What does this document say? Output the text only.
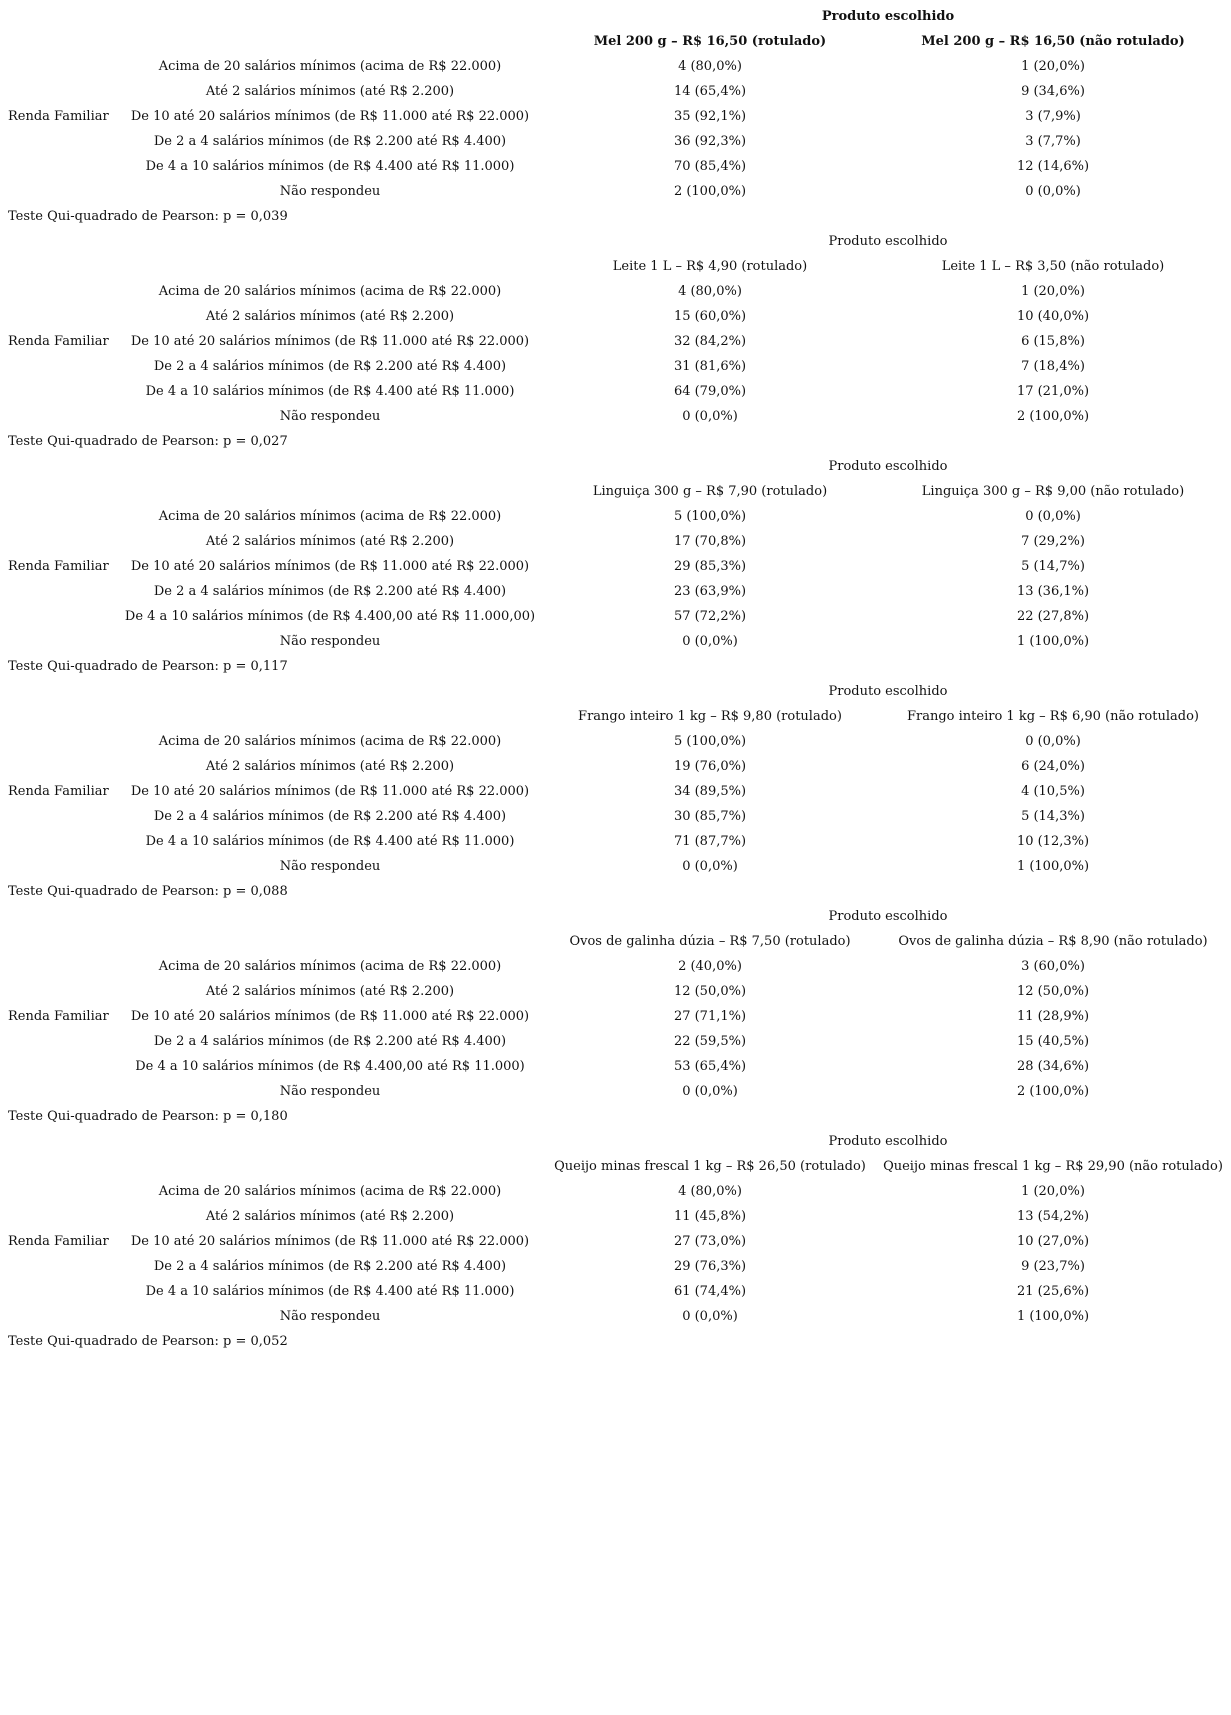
Produto escolhido
Mel 200 g – R$ 16,50 (rotulado)	Mel 200 g – R$ 16,50 (não rotulado)
Acima de 20 salários mínimos (acima de R$ 22.000)	4 (80,0%)	1 (20,0%)
Até 2 salários mínimos (até R$ 2.200)	14 (65,4%)	9 (34,6%)
Renda Familiar	De 10 até 20 salários mínimos (de R$ 11.000 até R$ 22.000)	35 (92,1%)	3 (7,9%)
De 2 a 4 salários mínimos (de R$ 2.200 até R$ 4.400)	36 (92,3%)	3 (7,7%)
De 4 a 10 salários mínimos (de R$ 4.400 até R$ 11.000)	70 (85,4%)	12 (14,6%)
Não respondeu	2 (100,0%)	0 (0,0%)
Teste Qui-quadrado de Pearson: p = 0,039
Produto escolhido
Leite 1 L – R$ 4,90 (rotulado)	Leite 1 L – R$ 3,50 (não rotulado)
Acima de 20 salários mínimos (acima de R$ 22.000)	4 (80,0%)	1 (20,0%)
Até 2 salários mínimos (até R$ 2.200)	15 (60,0%)	10 (40,0%)
Renda Familiar	De 10 até 20 salários mínimos (de R$ 11.000 até R$ 22.000)	32 (84,2%)	6 (15,8%)
De 2 a 4 salários mínimos (de R$ 2.200 até R$ 4.400)	31 (81,6%)	7 (18,4%)
De 4 a 10 salários mínimos (de R$ 4.400 até R$ 11.000)	64 (79,0%)	17 (21,0%)
Não respondeu	0 (0,0%)	2 (100,0%)
Teste Qui-quadrado de Pearson: p = 0,027
Produto escolhido
Linguiça 300 g – R$ 7,90 (rotulado)	Linguiça 300 g – R$ 9,00 (não rotulado)
Acima de 20 salários mínimos (acima de R$ 22.000)	5 (100,0%)	0 (0,0%)
Até 2 salários mínimos (até R$ 2.200)	17 (70,8%)	7 (29,2%)
Renda Familiar	De 10 até 20 salários mínimos (de R$ 11.000 até R$ 22.000)	29 (85,3%)	5 (14,7%)
De 2 a 4 salários mínimos (de R$ 2.200 até R$ 4.400)	23 (63,9%)	13 (36,1%)
De 4 a 10 salários mínimos (de R$ 4.400,00 até R$ 11.000,00)	57 (72,2%)	22 (27,8%)
Não respondeu	0 (0,0%)	1 (100,0%)
Teste Qui-quadrado de Pearson: p = 0,117
Produto escolhido
Frango inteiro 1 kg – R$ 9,80 (rotulado)	Frango inteiro 1 kg – R$ 6,90 (não rotulado)
Acima de 20 salários mínimos (acima de R$ 22.000)	5 (100,0%)	0 (0,0%)
Até 2 salários mínimos (até R$ 2.200)	19 (76,0%)	6 (24,0%)
Renda Familiar	De 10 até 20 salários mínimos (de R$ 11.000 até R$ 22.000)	34 (89,5%)	4 (10,5%)
De 2 a 4 salários mínimos (de R$ 2.200 até R$ 4.400)	30 (85,7%)	5 (14,3%)
De 4 a 10 salários mínimos (de R$ 4.400 até R$ 11.000)	71 (87,7%)	10 (12,3%)
Não respondeu	0 (0,0%)	1 (100,0%)
Teste Qui-quadrado de Pearson: p = 0,088
Produto escolhido
Ovos de galinha dúzia – R$ 7,50 (rotulado)	Ovos de galinha dúzia – R$ 8,90 (não rotulado)
Acima de 20 salários mínimos (acima de R$ 22.000)	2 (40,0%)	3 (60,0%)
Até 2 salários mínimos (até R$ 2.200)	12 (50,0%)	12 (50,0%)
Renda Familiar	De 10 até 20 salários mínimos (de R$ 11.000 até R$ 22.000)	27 (71,1%)	11 (28,9%)
De 2 a 4 salários mínimos (de R$ 2.200 até R$ 4.400)	22 (59,5%)	15 (40,5%)
De 4 a 10 salários mínimos (de R$ 4.400,00 até R$ 11.000)	53 (65,4%)	28 (34,6%)
Não respondeu	0 (0,0%)	2 (100,0%)
Teste Qui-quadrado de Pearson: p = 0,180
Produto escolhido
Queijo minas frescal 1 kg – R$ 26,50 (rotulado)	Queijo minas frescal 1 kg – R$ 29,90 (não rotulado)
Acima de 20 salários mínimos (acima de R$ 22.000)	4 (80,0%)	1 (20,0%)
Até 2 salários mínimos (até R$ 2.200)	11 (45,8%)	13 (54,2%)
Renda Familiar	De 10 até 20 salários mínimos (de R$ 11.000 até R$ 22.000)	27 (73,0%)	10 (27,0%)
De 2 a 4 salários mínimos (de R$ 2.200 até R$ 4.400)	29 (76,3%)	9 (23,7%)
De 4 a 10 salários mínimos (de R$ 4.400 até R$ 11.000)	61 (74,4%)	21 (25,6%)
Não respondeu	0 (0,0%)	1 (100,0%)
Teste Qui-quadrado de Pearson: p = 0,052
